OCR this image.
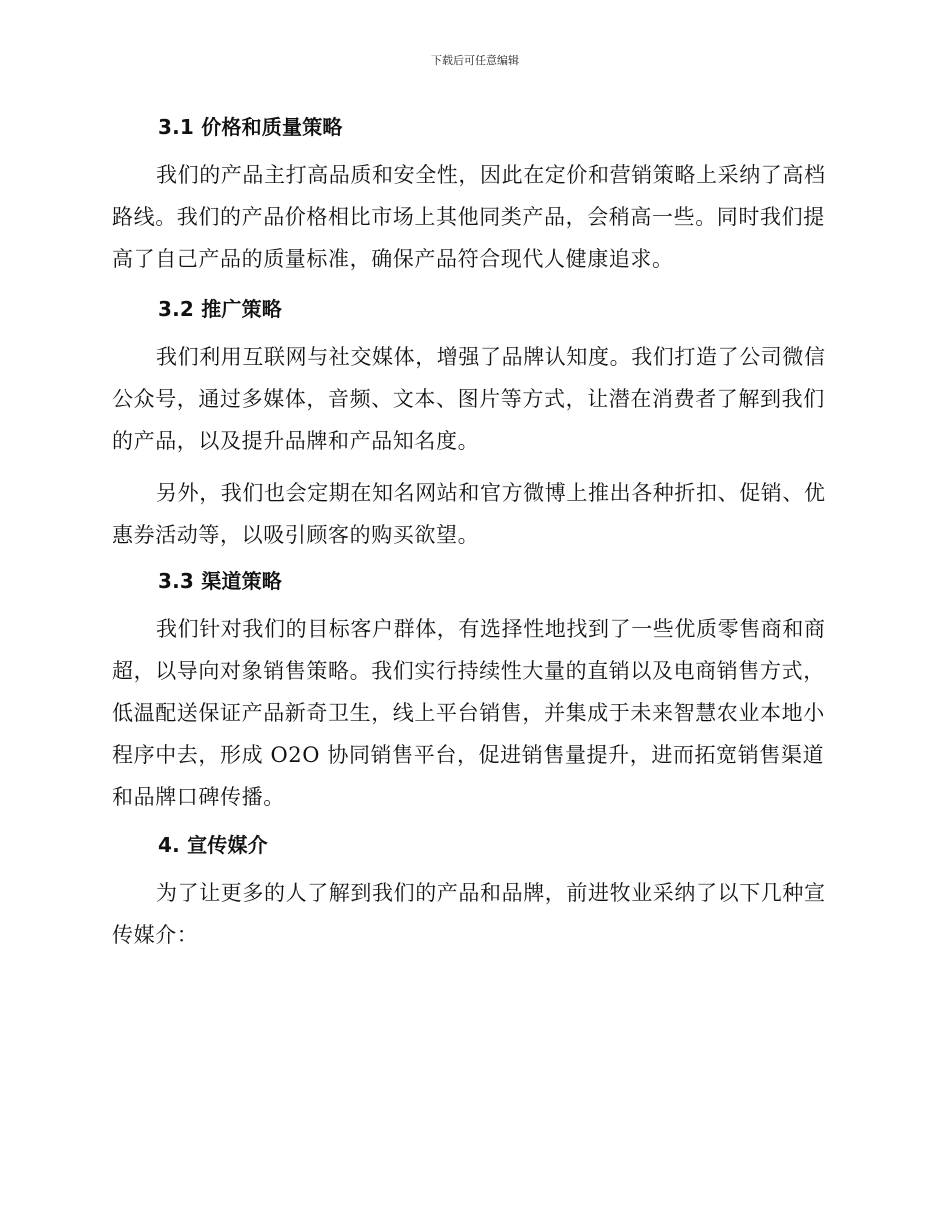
下载后可任意编辑
3.1 价格和质量策略

我们的产品主打高品质和安全性，因此在定价和营销策略上采纳了高档路线。我们的产品价格相比市场上其他同类产品，会稍高一些。同时我们提高了自己产品的质量标准，确保产品符合现代人健康追求。

3.2 推广策略

我们利用互联网与社交媒体，增强了品牌认知度。我们打造了公司微信公众号，通过多媒体，音频、文本、图片等方式，让潜在消费者了解到我们的产品，以及提升品牌和产品知名度。

另外，我们也会定期在知名网站和官方微博上推出各种折扣、促销、优惠券活动等，以吸引顾客的购买欲望。

3.3 渠道策略

我们针对我们的目标客户群体，有选择性地找到了一些优质零售商和商超，以导向对象销售策略。我们实行持续性大量的直销以及电商销售方式，低温配送保证产品新奇卫生，线上平台销售，并集成于未来智慧农业本地小程序中去，形成 O2O 协同销售平台，促进销售量提升，进而拓宽销售渠道和品牌口碑传播。

4. 宣传媒介

为了让更多的人了解到我们的产品和品牌，前进牧业采纳了以下几种宣传媒介：
